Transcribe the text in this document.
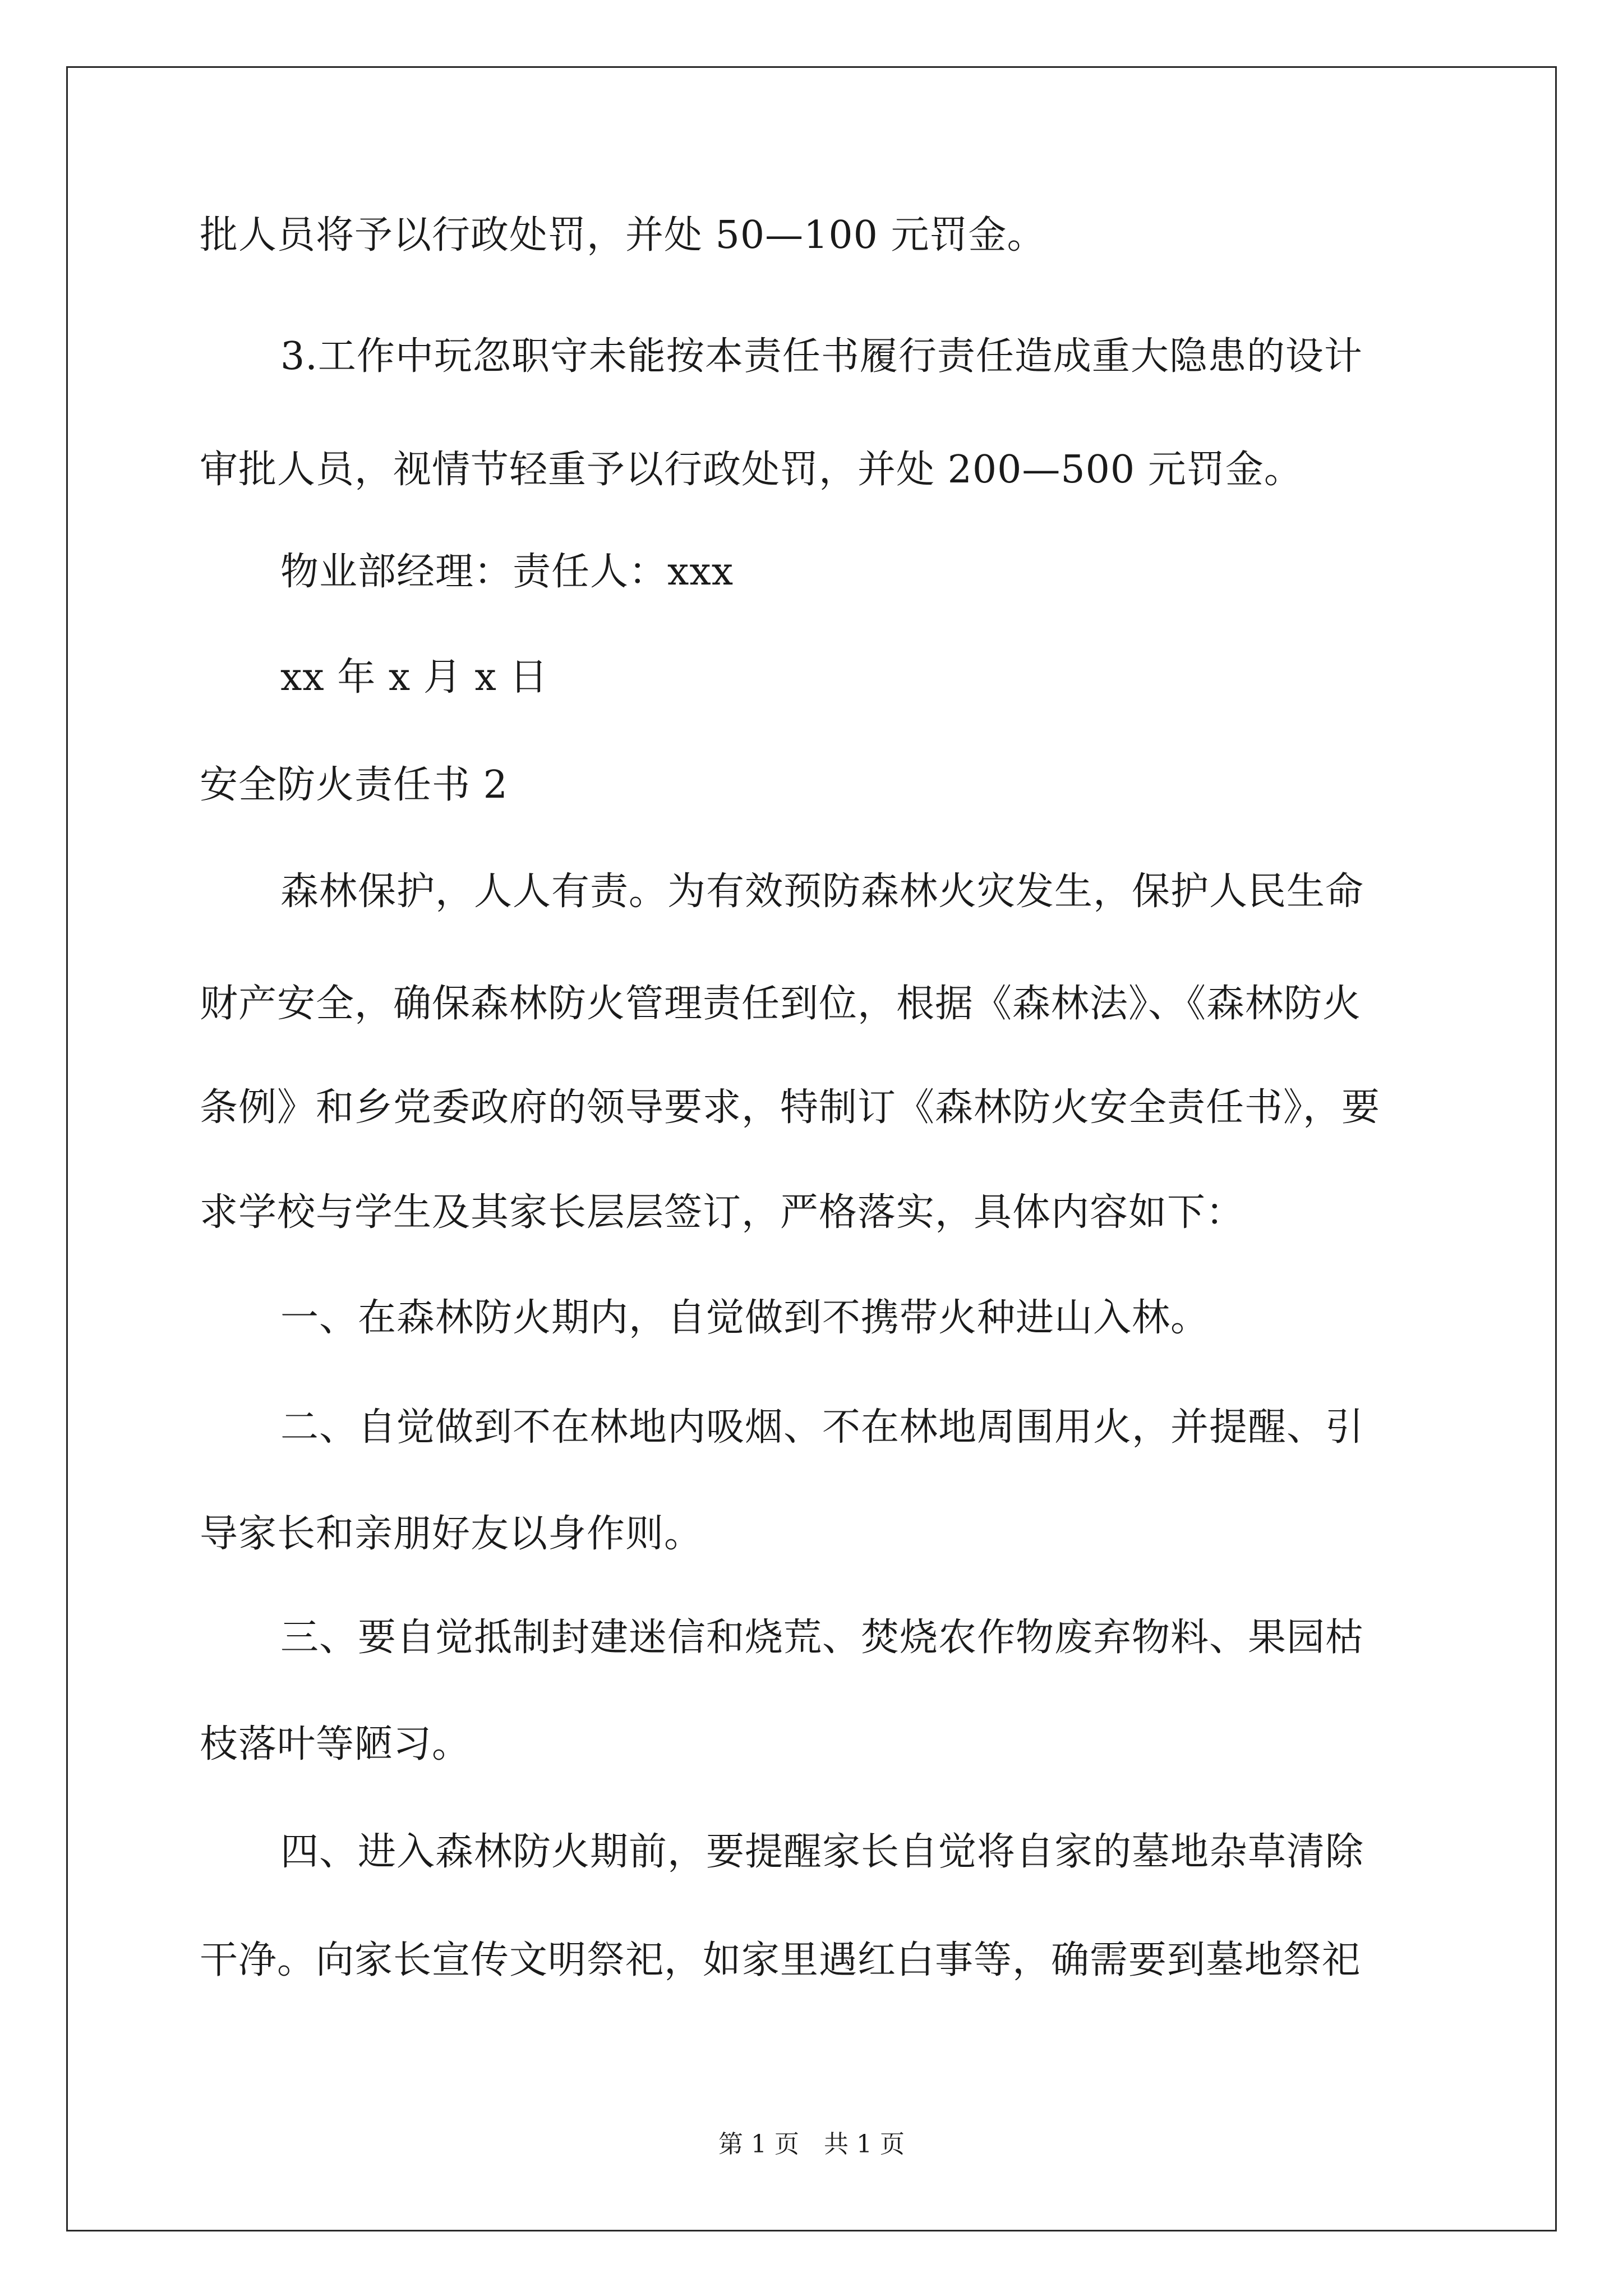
批人员将予以行政处罚，并处 50—100 元罚金。
3.工作中玩忽职守未能按本责任书履行责任造成重大隐患的设计
审批人员，视情节轻重予以行政处罚，并处 200—500 元罚金。
物业部经理：责任人：xxx
xx 年 x 月 x 日
安全防火责任书 2
森林保护，人人有责。为有效预防森林火灾发生，保护人民生命
财产安全，确保森林防火管理责任到位，根据《森林法》、《森林防火
条例》和乡党委政府的领导要求，特制订《森林防火安全责任书》，要
求学校与学生及其家长层层签订，严格落实，具体内容如下：
一、在森林防火期内，自觉做到不携带火种进山入林。
二、自觉做到不在林地内吸烟、不在林地周围用火，并提醒、引
导家长和亲朋好友以身作则。
三、要自觉抵制封建迷信和烧荒、焚烧农作物废弃物料、果园枯
枝落叶等陋习。
四、进入森林防火期前，要提醒家长自觉将自家的墓地杂草清除
干净。向家长宣传文明祭祀，如家里遇红白事等，确需要到墓地祭祀
第 1 页　共 1 页
